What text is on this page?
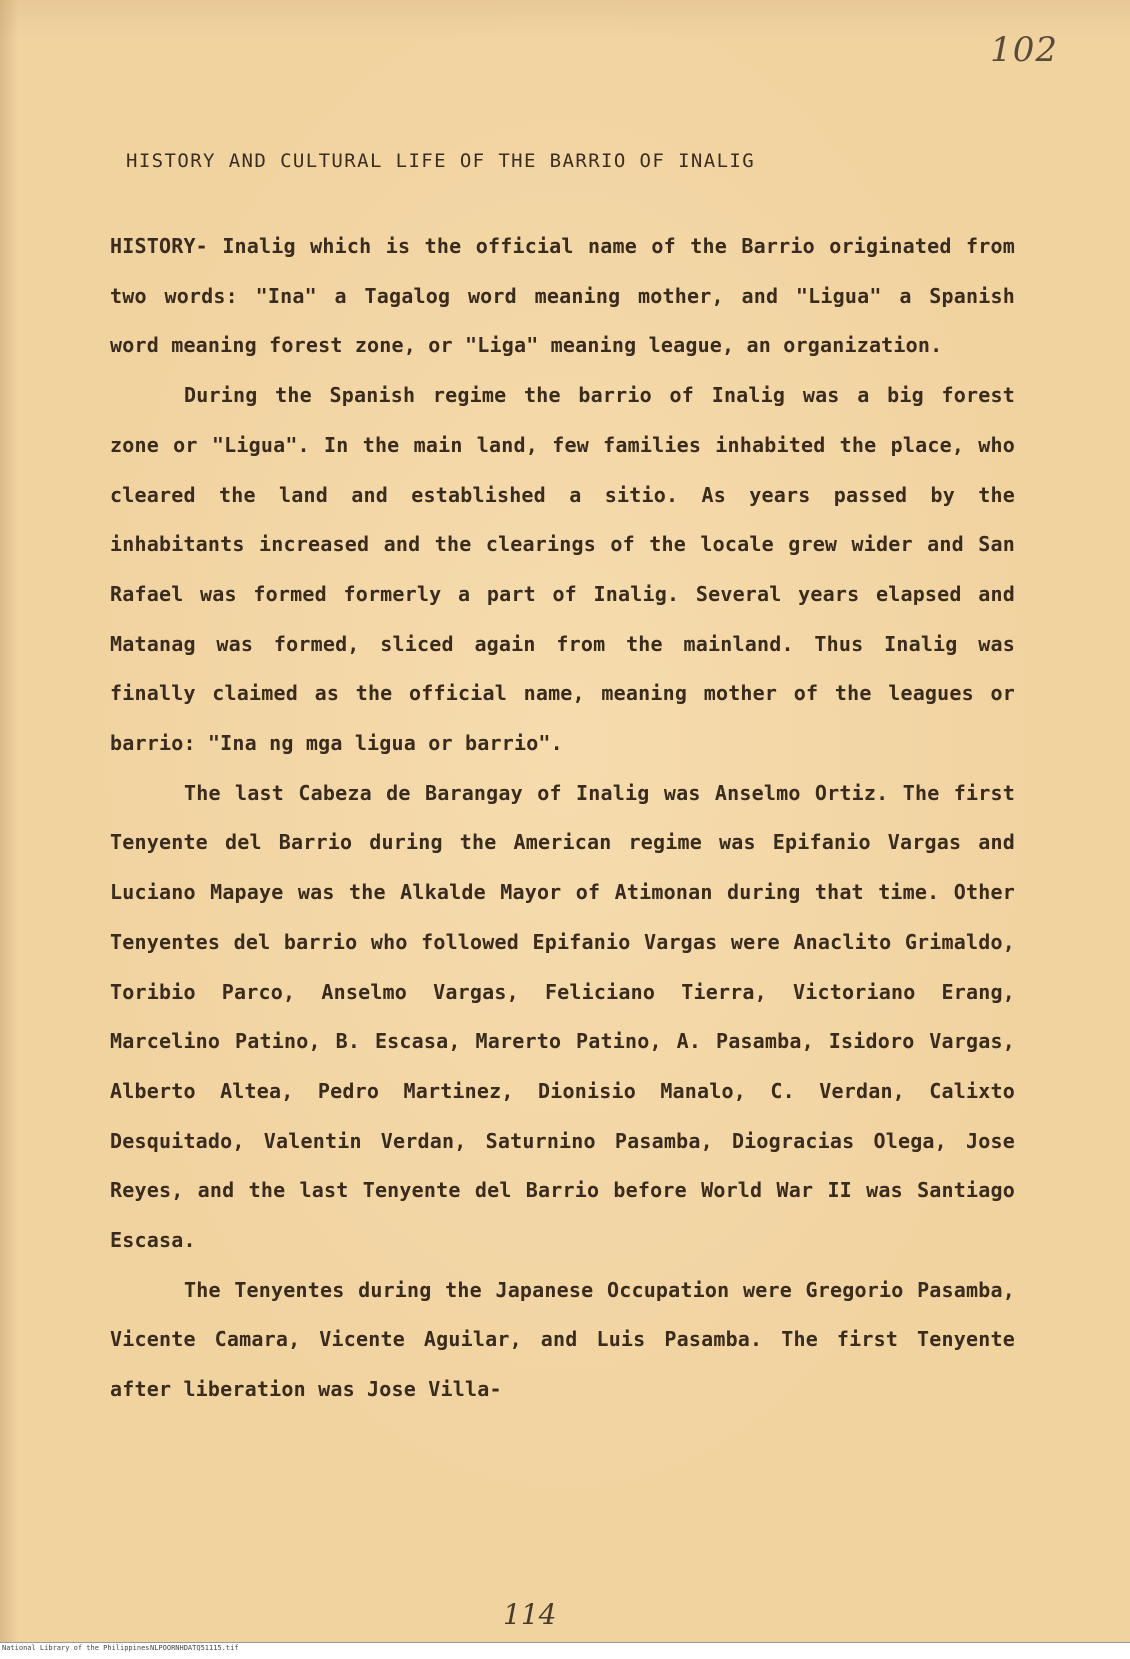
102
HISTORY AND CULTURAL LIFE OF THE BARRIO OF INALIG

HISTORY- Inalig which is the official name of the Barrio originated from two words: "Ina" a Tagalog word meaning mother, and "Ligua" a Spanish word meaning forest zone, or "Liga" meaning league, an organization.

During the Spanish regime the barrio of Inalig was a big forest zone or "Ligua". In the main land, few families inhabited the place, who cleared the land and established a sitio. As years passed by the inhabitants increased and the clearings of the locale grew wider and San Rafael was formed formerly a part of Inalig. Several years elapsed and Matanag was formed, sliced again from the mainland. Thus Inalig was finally claimed as the official name, meaning mother of the leagues or barrio: "Ina ng mga ligua or barrio".

The last Cabeza de Barangay of Inalig was Anselmo Ortiz. The first Tenyente del Barrio during the American regime was Epifanio Vargas and Luciano Mapaye was the Alkalde Mayor of Atimonan during that time. Other Tenyentes del barrio who followed Epifanio Vargas were Anaclito Grimaldo, Toribio Parco, Anselmo Vargas, Feliciano Tierra, Victoriano Erang, Marcelino Patino, B. Escasa, Marerto Patino, A. Pasamba, Isidoro Vargas, Alberto Altea, Pedro Martinez, Dionisio Manalo, C. Verdan, Calixto Desquitado, Valentin Verdan, Saturnino Pasamba, Diogracias Olega, Jose Reyes, and the last Tenyente del Barrio before World War II was Santiago Escasa.

The Tenyentes during the Japanese Occupation were Gregorio Pasamba, Vicente Camara, Vicente Aguilar, and Luis Pasamba. The first Tenyente after liberation was Jose Villa-

114
National Library of the Philippines NLPOORNHDATQ51115.tif
